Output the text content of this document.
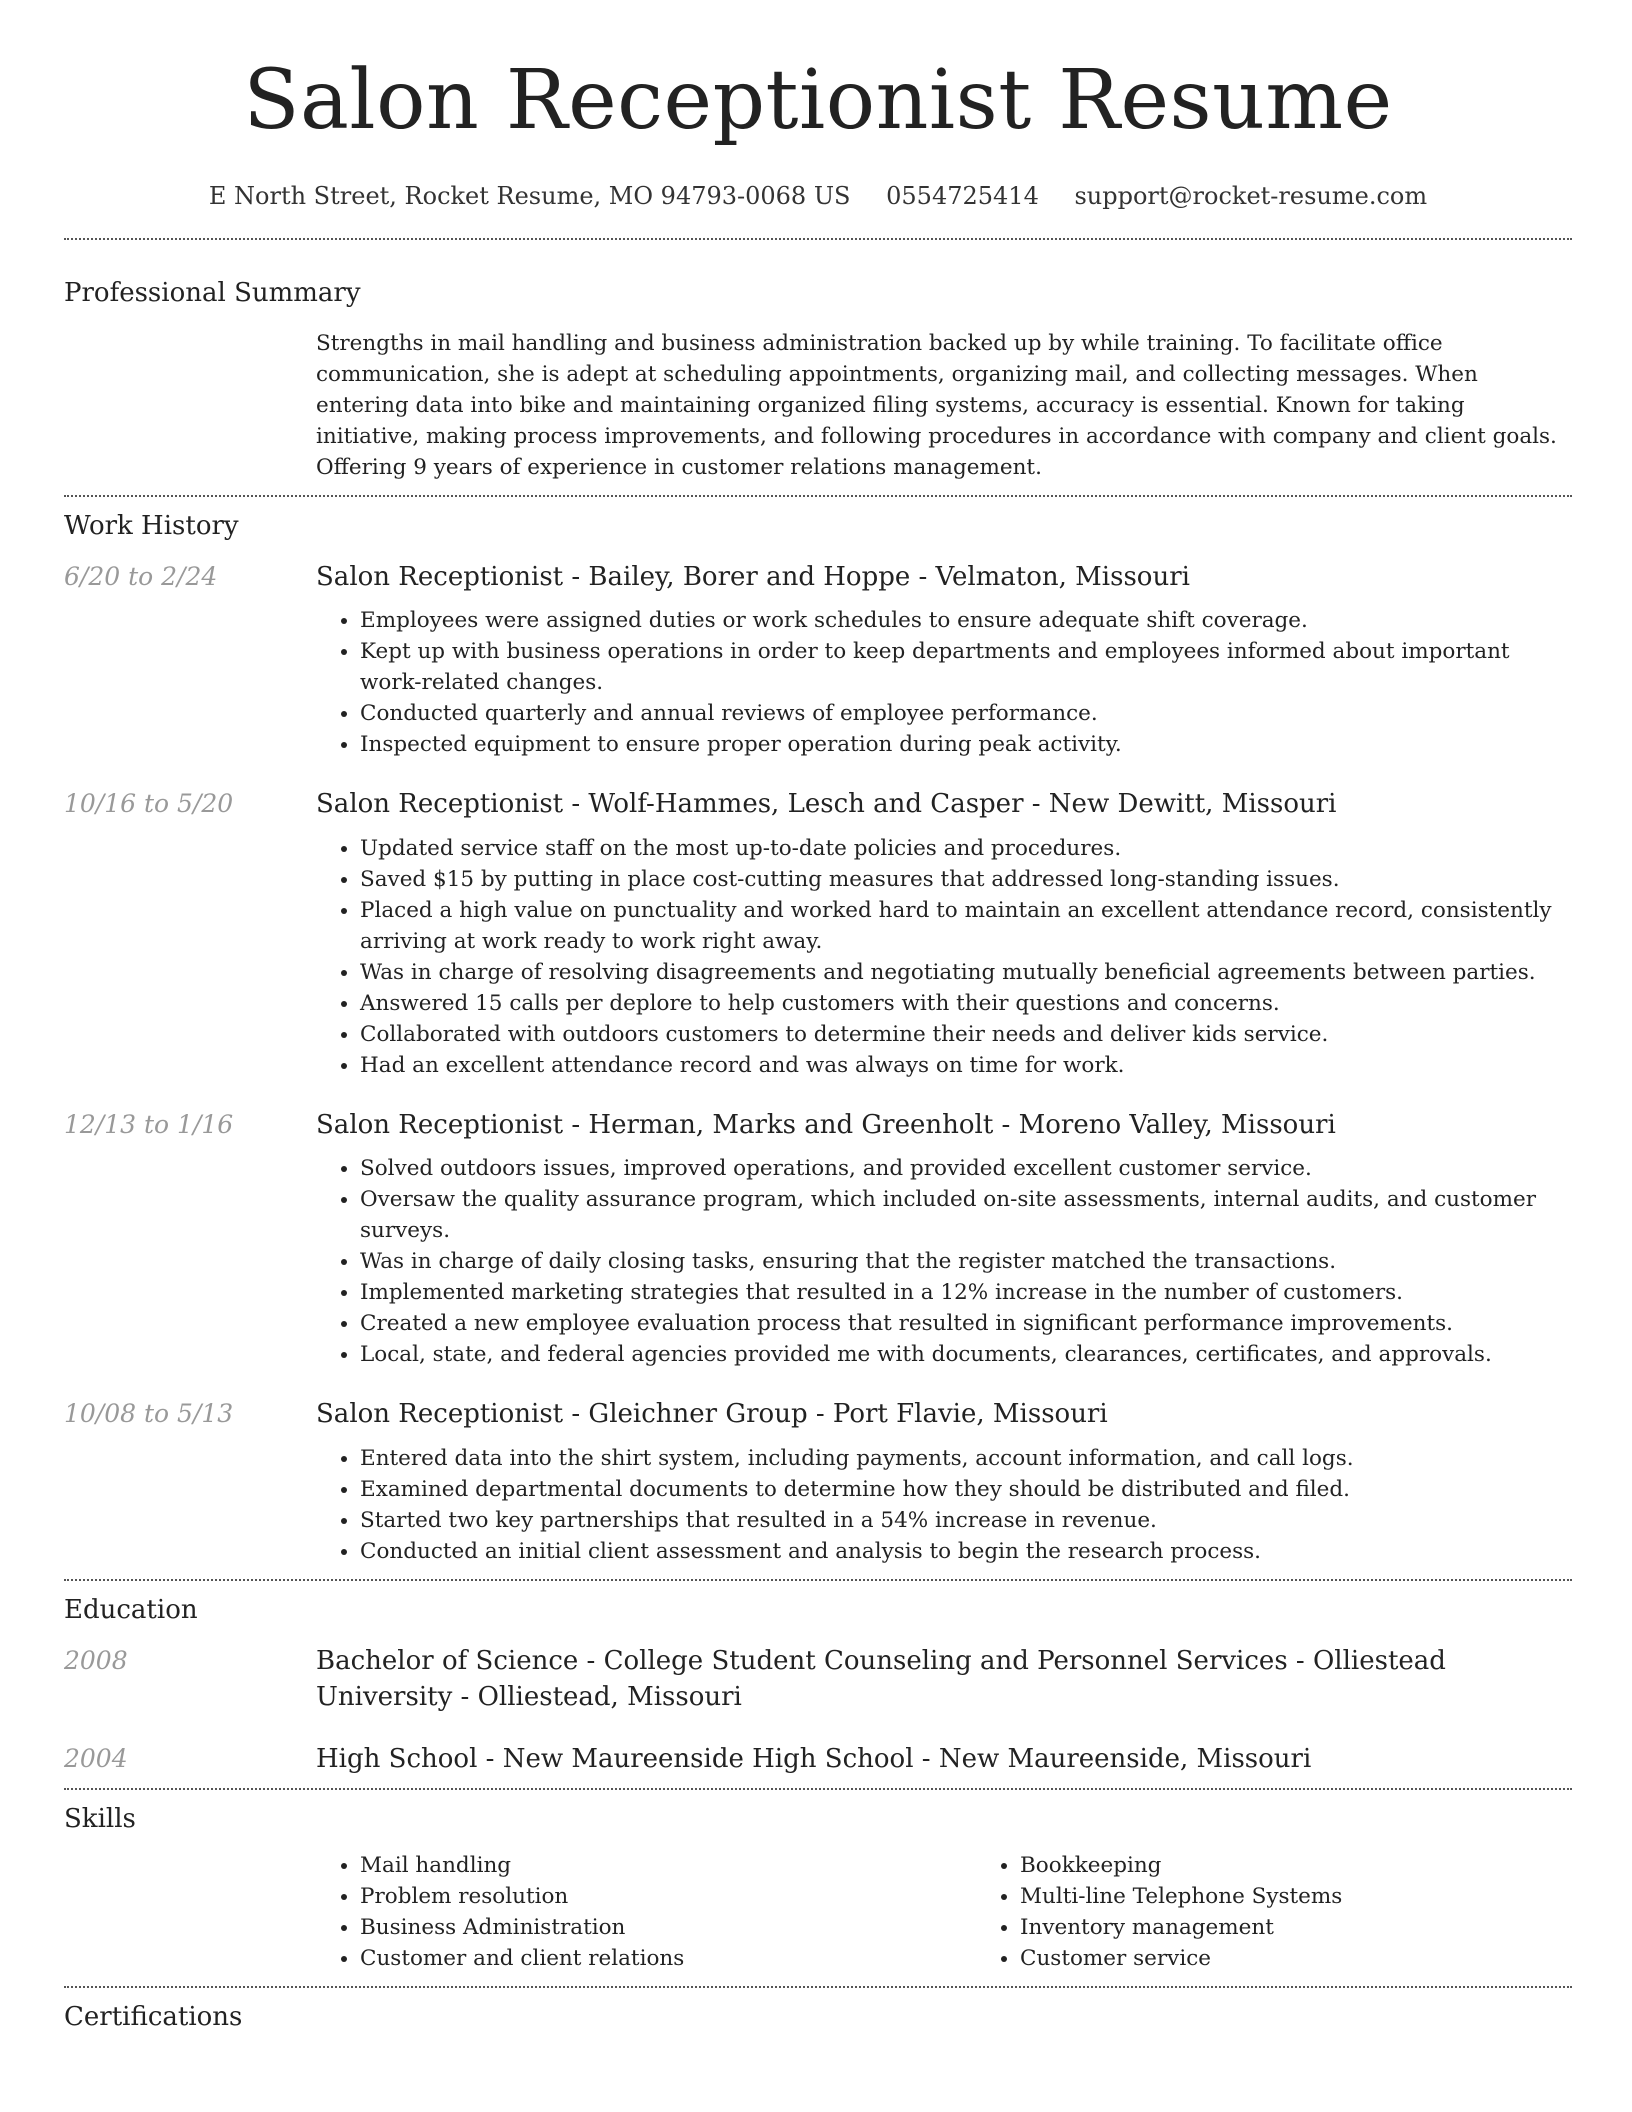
Salon Receptionist Resume
E North Street, Rocket Resume, MO 94793-0068 US 0554725414 support@rocket-resume.com
Professional Summary
Strengths in mail handling and business administration backed up by while training. To facilitate office communication, she is adept at scheduling appointments, organizing mail, and collecting messages. When entering data into bike and maintaining organized filing systems, accuracy is essential. Known for taking initiative, making process improvements, and following procedures in accordance with company and client goals. Offering 9 years of experience in customer relations management.
Work History
6/20 to 2/24	Salon Receptionist - Bailey, Borer and Hoppe - Velmaton, Missouri
• Employees were assigned duties or work schedules to ensure adequate shift coverage.
• Kept up with business operations in order to keep departments and employees informed about important work-related changes.
• Conducted quarterly and annual reviews of employee performance.
• Inspected equipment to ensure proper operation during peak activity.
10/16 to 5/20	Salon Receptionist - Wolf-Hammes, Lesch and Casper - New Dewitt, Missouri
• Updated service staff on the most up-to-date policies and procedures.
• Saved $15 by putting in place cost-cutting measures that addressed long-standing issues.
• Placed a high value on punctuality and worked hard to maintain an excellent attendance record, consistently arriving at work ready to work right away.
• Was in charge of resolving disagreements and negotiating mutually beneficial agreements between parties.
• Answered 15 calls per deplore to help customers with their questions and concerns.
• Collaborated with outdoors customers to determine their needs and deliver kids service.
• Had an excellent attendance record and was always on time for work.
12/13 to 1/16	Salon Receptionist - Herman, Marks and Greenholt - Moreno Valley, Missouri
• Solved outdoors issues, improved operations, and provided excellent customer service.
• Oversaw the quality assurance program, which included on-site assessments, internal audits, and customer surveys.
• Was in charge of daily closing tasks, ensuring that the register matched the transactions.
• Implemented marketing strategies that resulted in a 12% increase in the number of customers.
• Created a new employee evaluation process that resulted in significant performance improvements.
• Local, state, and federal agencies provided me with documents, clearances, certificates, and approvals.
10/08 to 5/13	Salon Receptionist - Gleichner Group - Port Flavie, Missouri
• Entered data into the shirt system, including payments, account information, and call logs.
• Examined departmental documents to determine how they should be distributed and filed.
• Started two key partnerships that resulted in a 54% increase in revenue.
• Conducted an initial client assessment and analysis to begin the research process.
Education
2008	Bachelor of Science - College Student Counseling and Personnel Services - Olliestead University - Olliestead, Missouri
2004	High School - New Maureenside High School - New Maureenside, Missouri
Skills
• Mail handling
• Problem resolution
• Business Administration
• Customer and client relations
• Bookkeeping
• Multi-line Telephone Systems
• Inventory management
• Customer service
Certifications
